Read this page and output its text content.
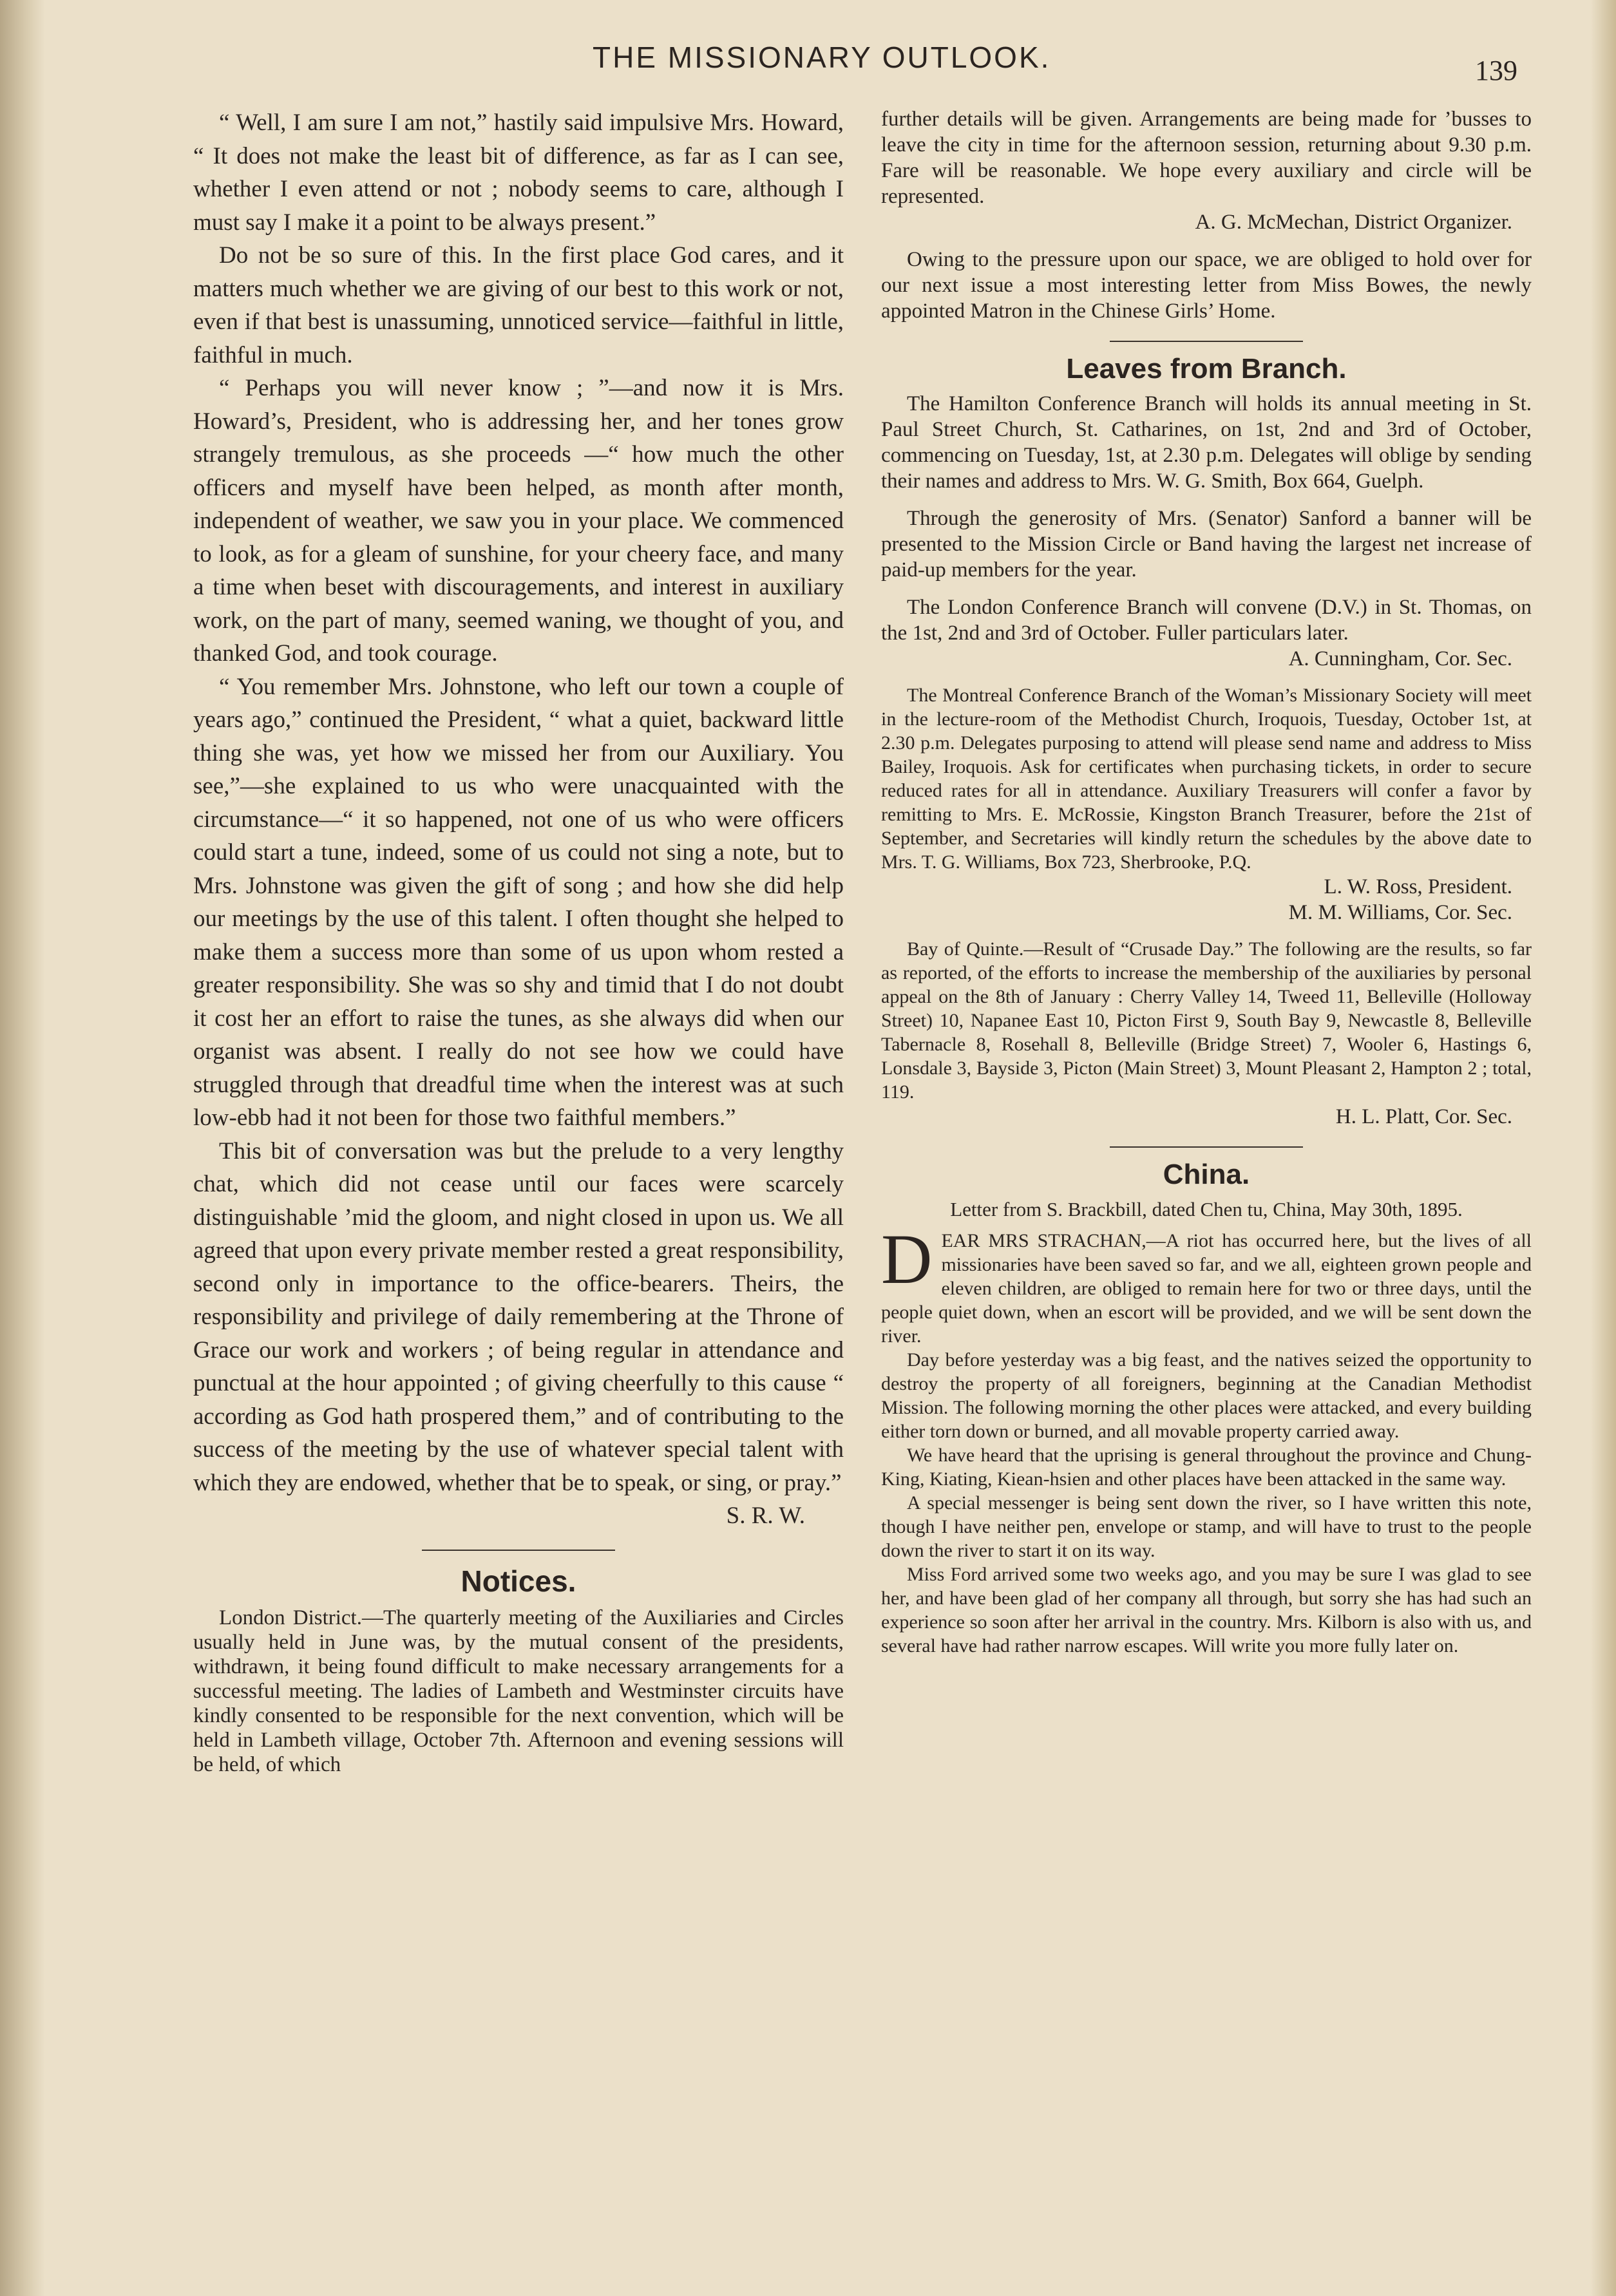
THE MISSIONARY OUTLOOK.	139

“ Well, I am sure I am not,” hastily said impulsive Mrs. Howard, “ It does not make the least bit of difference, as far as I can see, whether I even attend or not ; nobody seems to care, although I must say I make it a point to be always present.”

Do not be so sure of this. In the first place God cares, and it matters much whether we are giving of our best to this work or not, even if that best is unassuming, unnoticed service—faithful in little, faithful in much.

“ Perhaps you will never know ; ”—and now it is Mrs. Howard’s, President, who is addressing her, and her tones grow strangely tremulous, as she proceeds —“ how much the other officers and myself have been helped, as month after month, independent of weather, we saw you in your place. We commenced to look, as for a gleam of sunshine, for your cheery face, and many a time when beset with discouragements, and interest in auxiliary work, on the part of many, seemed waning, we thought of you, and thanked God, and took courage.

“ You remember Mrs. Johnstone, who left our town a couple of years ago,” continued the President, “ what a quiet, backward little thing she was, yet how we missed her from our Auxiliary. You see,”—she explained to us who were unacquainted with the circumstance—“ it so happened, not one of us who were officers could start a tune, indeed, some of us could not sing a note, but to Mrs. Johnstone was given the gift of song ; and how she did help our meetings by the use of this talent. I often thought she helped to make them a success more than some of us upon whom rested a greater responsibility. She was so shy and timid that I do not doubt it cost her an effort to raise the tunes, as she always did when our organist was absent. I really do not see how we could have struggled through that dreadful time when the interest was at such low-ebb had it not been for those two faithful members.”

This bit of conversation was but the prelude to a very lengthy chat, which did not cease until our faces were scarcely distinguishable ’mid the gloom, and night closed in upon us. We all agreed that upon every private member rested a great responsibility, second only in importance to the office-bearers. Theirs, the responsibility and privilege of daily remembering at the Throne of Grace our work and workers ; of being regular in attendance and punctual at the hour appointed ; of giving cheerfully to this cause “ according as God hath prospered them,” and of contributing to the success of the meeting by the use of whatever special talent with which they are endowed, whether that be to speak, or sing, or pray.”

S. R. W.
Notices.

London District.—The quarterly meeting of the Auxiliaries and Circles usually held in June was, by the mutual consent of the presidents, withdrawn, it being found difficult to make necessary arrangements for a successful meeting. The ladies of Lambeth and Westminster circuits have kindly consented to be responsible for the next convention, which will be held in Lambeth village, October 7th. Afternoon and evening sessions will be held, of which

further details will be given. Arrangements are being made for ’busses to leave the city in time for the afternoon session, returning about 9.30 p.m. Fare will be reasonable. We hope every auxiliary and circle will be represented.

A. G. McMechan, District Organizer.

Owing to the pressure upon our space, we are obliged to hold over for our next issue a most interesting letter from Miss Bowes, the newly appointed Matron in the Chinese Girls’ Home.

Leaves from Branch.

The Hamilton Conference Branch will holds its annual meeting in St. Paul Street Church, St. Catharines, on 1st, 2nd and 3rd of October, commencing on Tuesday, 1st, at 2.30 p.m. Delegates will oblige by sending their names and address to Mrs. W. G. Smith, Box 664, Guelph.

Through the generosity of Mrs. (Senator) Sanford a banner will be presented to the Mission Circle or Band having the largest net increase of paid-up members for the year.

The London Conference Branch will convene (D.V.) in St. Thomas, on the 1st, 2nd and 3rd of October. Fuller particulars later.

A. Cunningham, Cor. Sec.

The Montreal Conference Branch of the Woman’s Missionary Society will meet in the lecture-room of the Methodist Church, Iroquois, Tuesday, October 1st, at 2.30 p.m. Delegates purposing to attend will please send name and address to Miss Bailey, Iroquois. Ask for certificates when purchasing tickets, in order to secure reduced rates for all in attendance. Auxiliary Treasurers will confer a favor by remitting to Mrs. E. McRossie, Kingston Branch Treasurer, before the 21st of September, and Secretaries will kindly return the schedules by the above date to Mrs. T. G. Williams, Box 723, Sherbrooke, P.Q.

L. W. Ross, President.
M. M. Williams, Cor. Sec.

Bay of Quinte.—Result of “Crusade Day.” The following are the results, so far as reported, of the efforts to increase the membership of the auxiliaries by personal appeal on the 8th of January : Cherry Valley 14, Tweed 11, Belleville (Holloway Street) 10, Napanee East 10, Picton First 9, South Bay 9, Newcastle 8, Belleville Tabernacle 8, Rosehall 8, Belleville (Bridge Street) 7, Wooler 6, Hastings 6, Lonsdale 3, Bayside 3, Picton (Main Street) 3, Mount Pleasant 2, Hampton 2 ; total, 119.

H. L. Platt, Cor. Sec.
China.
Letter from S. Brackbill, dated Chen tu, China, May 30th, 1895.
D EAR MRS STRACHAN,—A riot has occurred here, but the lives of all missionaries have been saved so far, and we all, eighteen grown people and eleven children, are obliged to remain here for two or three days, until the people quiet down, when an escort will be provided, and we will be sent down the river.

Day before yesterday was a big feast, and the natives seized the opportunity to destroy the property of all foreigners, beginning at the Canadian Methodist Mission. The following morning the other places were attacked, and every building either torn down or burned, and all movable property carried away.

We have heard that the uprising is general throughout the province and Chung-King, Kiating, Kiean-hsien and other places have been attacked in the same way.

A special messenger is being sent down the river, so I have written this note, though I have neither pen, envelope or stamp, and will have to trust to the people down the river to start it on its way.

Miss Ford arrived some two weeks ago, and you may be sure I was glad to see her, and have been glad of her company all through, but sorry she has had such an experience so soon after her arrival in the country. Mrs. Kilborn is also with us, and several have had rather narrow escapes. Will write you more fully later on.
